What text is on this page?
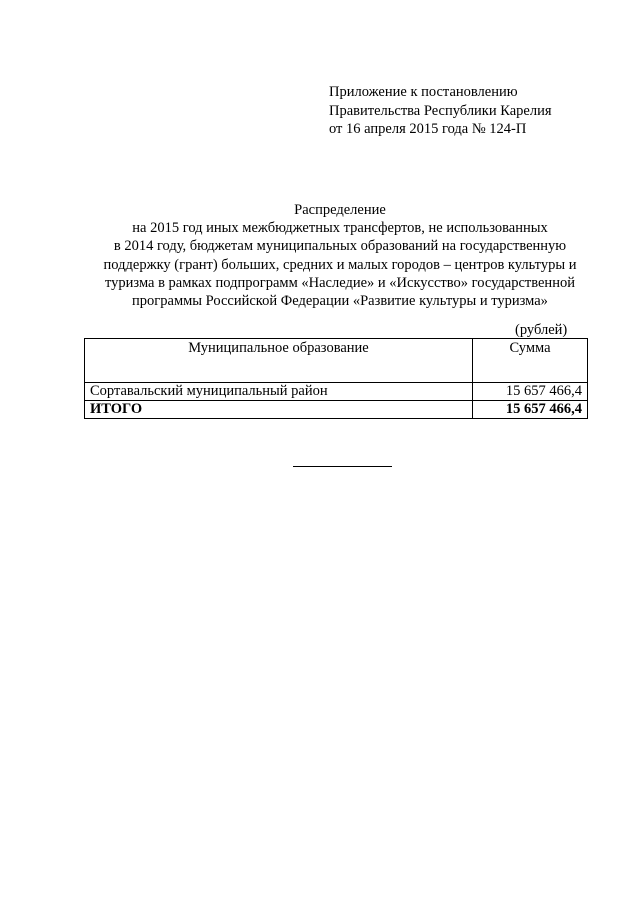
Приложение к постановлению
Правительства Республики Карелия
от 16 апреля 2015 года № 124-П
Распределение
на 2015 год иных межбюджетных трансфертов, не использованных
в 2014 году, бюджетам муниципальных образований на государственную
поддержку (грант) больших, средних и малых городов – центров культуры и
туризма в рамках подпрограмм «Наследие» и «Искусство» государственной
программы Российской Федерации «Развитие культуры и туризма»
(рублей)
Муниципальное образование	Сумма
Сортавальский муниципальный район	15 657 466,4
ИТОГО	15 657 466,4
